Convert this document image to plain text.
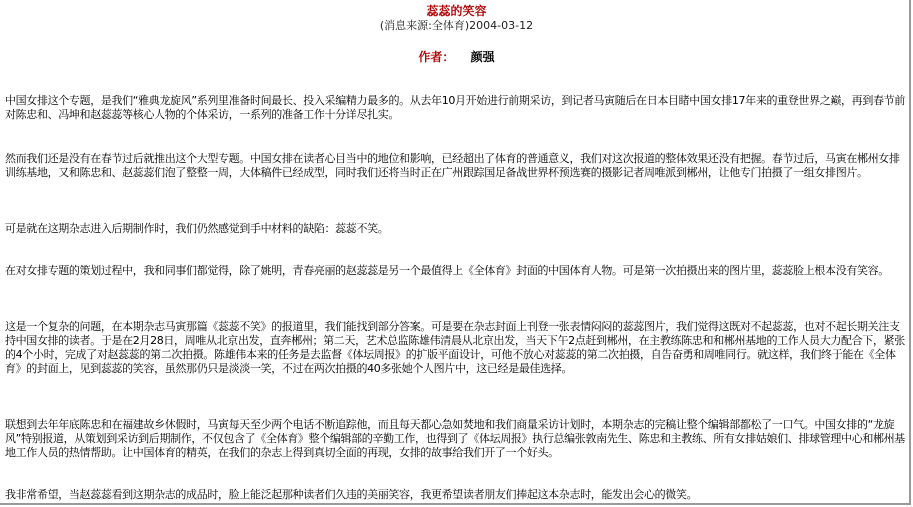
蕊蕊的笑容
(消息来源:全体育)2004-03-12
作者： 颜强

中国女排这个专题，是我们“雅典龙旋风”系列里准备时间最长、投入采编精力最多的。从去年10月开始进行前期采访，到记者马寅随后在日本目睹中国女排17年来的重登世界之巅，再到春节前对陈忠和、冯坤和赵蕊蕊等核心人物的个体采访，一系列的准备工作十分详尽扎实。

然而我们还是没有在春节过后就推出这个大型专题。中国女排在读者心目当中的地位和影响，已经超出了体育的普通意义，我们对这次报道的整体效果还没有把握。春节过后，马寅在郴州女排训练基地，又和陈忠和、赵蕊蕊们泡了整整一周，大体稿件已经成型，同时我们还将当时正在广州跟踪国足备战世界杯预选赛的摄影记者周唯派到郴州，让他专门拍摄了一组女排图片。

可是就在这期杂志进入后期制作时，我们仍然感觉到手中材料的缺陷：蕊蕊不笑。

在对女排专题的策划过程中，我和同事们都觉得，除了姚明，青春亮丽的赵蕊蕊是另一个最值得上《全体育》封面的中国体育人物。可是第一次拍摄出来的图片里，蕊蕊脸上根本没有笑容。

这是一个复杂的问题，在本期杂志马寅那篇《蕊蕊不笑》的报道里，我们能找到部分答案。可是要在杂志封面上刊登一张表情闷闷的蕊蕊图片，我们觉得这既对不起蕊蕊，也对不起长期关注支持中国女排的读者。于是在2月28日，周唯从北京出发，直奔郴州；第二天，艺术总监陈雄伟清晨从北京出发，当天下午2点赶到郴州，在主教练陈忠和和郴州基地的工作人员大力配合下，紧张的4个小时，完成了对赵蕊蕊的第二次拍摄。陈雄伟本来的任务是去监督《体坛周报》的扩版平面设计，可他不放心对蕊蕊的第二次拍摄，自告奋勇和周唯同行。就这样，我们终于能在《全体育》的封面上，见到蕊蕊的笑容，虽然那仍只是淡淡一笑，不过在两次拍摄的40多张她个人图片中，这已经是最佳选择。

联想到去年年底陈忠和在福建故乡休假时，马寅每天至少两个电话不断追踪他，而且每天都心急如焚地和我们商量采访计划时，本期杂志的完稿让整个编辑部都松了一口气。中国女排的“龙旋风”特别报道，从策划到采访到后期制作，不仅包含了《全体育》整个编辑部的辛勤工作，也得到了《体坛周报》执行总编张敦南先生、陈忠和主教练、所有女排姑娘们、排球管理中心和郴州基地工作人员的热情帮助。让中国体育的精英，在我们的杂志上得到真切全面的再现，女排的故事给我们开了一个好头。

我非常希望，当赵蕊蕊看到这期杂志的成品时，脸上能泛起那种读者们久违的美丽笑容，我更希望读者朋友们捧起这本杂志时，能发出会心的微笑。
